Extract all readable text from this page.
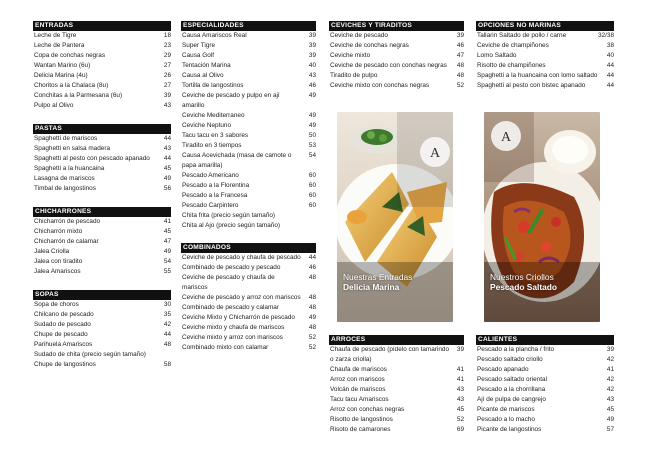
ENTRADAS
Leche de Tigre	18
Leche de Pantera	23
Copa de conchas negras	29
Wantan Marino (6u)	27
Delicia Marina (4u)	26
Choritos a la Chalaca (8u)	27
Conchitas a la Parmesana (6u)	39
Pulpo al Olivo	43
PASTAS
Spaghetti de mariscos	44
Spaghetti en salsa madera	43
Spaghetti al pesto con pescado apanado	44
Spaghetti a la huancaina	45
Lasagna de mariscos	49
Timbal de langostinos	56
CHICHARRONES
Chicharrón de pescado	41
Chicharrón mixto	45
Chicharrón de calamar	47
Jalea Criolla	49
Jalea con tiradito	54
Jalea Amariscos	55
SOPAS
Sopa de choros	30
Chilcano de pescado	35
Sudado de pescado	42
Chupe de pescado	44
Parihuela Amariscos	48
Sudado de chita (precio según tamaño)
Chupe de langostinos	58
ESPECIALIDADES
Causa Amariscos Real	39
Super Tigre	39
Causa Golf	39
Tentación Marina	40
Causa al Olivo	43
Tortilla de langostinos	46
Ceviche de pescado y pulpo en ají amarillo
49
Ceviche Mediterraneo	49
Ceviche Neptuno	49
Tacu tacu en 3 sabores	50
Tiradito en 3 tiempos	53
Causa Acevichada (masa de camote o papa amarilla)
54
Pescado Americano	60
Pescado a la Florentina	60
Pescado a la Francesa	60
Pescado Carpintero	60
Chita frita (precio según tamaño)
Chita al Ajo (precio según tamaño)
COMBINADOS
Ceviche de pescado y chaufa de pescado	44
Combinado de pescado y pescado	46
Ceviche de pescado y chaufa de mariscos
48
Ceviche de pescado y arroz con mariscos	48
Combinado de pescado y calamar	48
Ceviche Mixto y Chicharrón de pescado	49
Ceviche mixto y chaufa de mariscos	48
Ceviche mixto y arroz con mariscos	52
Combinado mixto con calamar	52
CEVICHES Y TIRADITOS
Ceviche de pescado	39
Ceviche de conchas negras	46
Ceviche mixto	47
Ceviche de pescado con conchas negras	48
Tiradito de pulpo	48
Ceviche mixto con conchas negras	52
ARROCES
Chaufa de pescado (pídelo con tamarindo o zarza criolla)
39
Chaufa de mariscos	41
Arroz con mariscos	41
Volcán de mariscos	43
Tacu tacu Amariscos	43
Arroz con conchas negras	45
Risotto de langostinos	52
Risoto de camarones	69
OPCIONES NO MARINAS
Tallarin Saltado de pollo / carne	32/38
Ceviche de champiñones	38
Lomo Saltado	40
Risotto de champiñones	44
Spaghetti a la huancaina con lomo saltado	44
Spaghetti al pesto con bistec apanado	44
CALIENTES
Pescado a la plancha / frito	39
Pescado saltado criollo	42
Pescado apanado	41
Pescado saltado oriental	42
Pescado a la chorrillana	42
Ají de pulpa de cangrejo	43
Picante de mariscos	45
Pescado a lo macho	49
Picante de langostinos	57
A
Nuestras Entradas
Delicia Marina
A
Nuestros Criollos
Pescado Saltado
